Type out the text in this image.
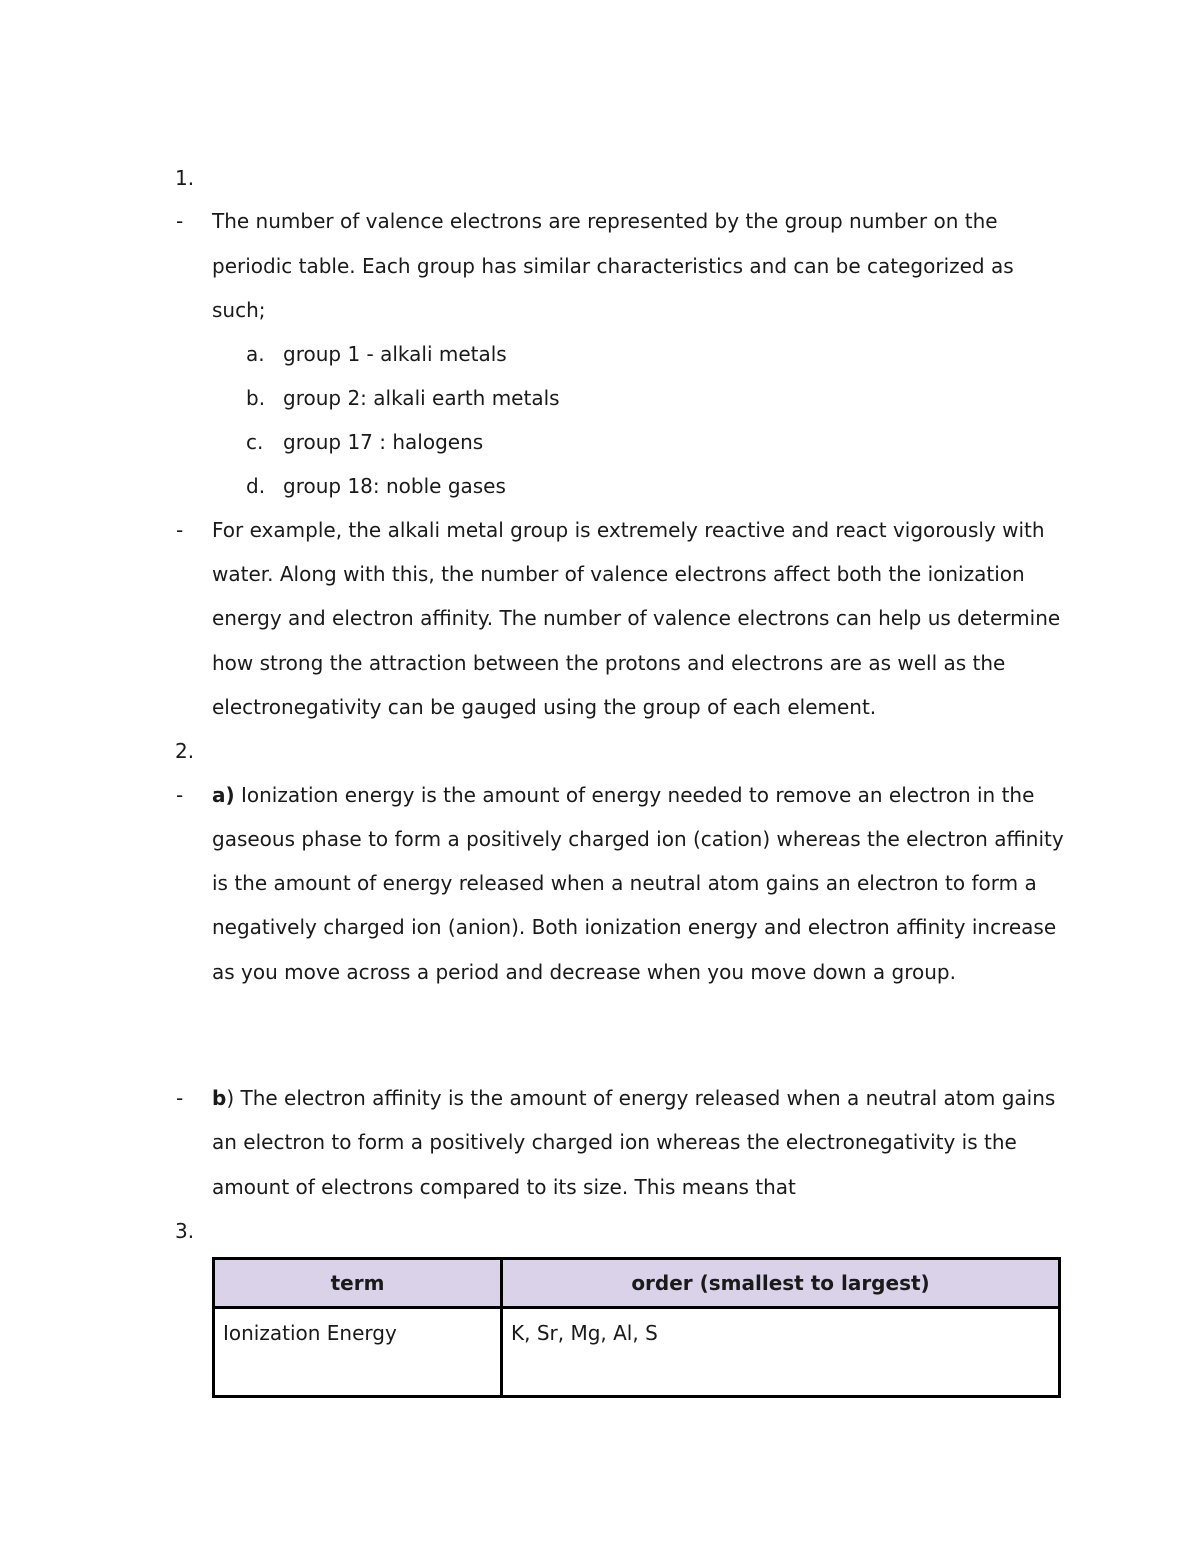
1.
- The number of valence electrons are represented by the group number on the
periodic table. Each group has similar characteristics and can be categorized as
such;
a. group 1 - alkali metals
b. group 2: alkali earth metals
c. group 17 : halogens
d. group 18: noble gases
- For example, the alkali metal group is extremely reactive and react vigorously with
water. Along with this, the number of valence electrons affect both the ionization
energy and electron affinity. The number of valence electrons can help us determine
how strong the attraction between the protons and electrons are as well as the
electronegativity can be gauged using the group of each element.
2.
- a) Ionization energy is the amount of energy needed to remove an electron in the
gaseous phase to form a positively charged ion (cation) whereas the electron affinity
is the amount of energy released when a neutral atom gains an electron to form a
negatively charged ion (anion). Both ionization energy and electron affinity increase
as you move across a period and decrease when you move down a group.
- b) The electron affinity is the amount of energy released when a neutral atom gains
an electron to form a positively charged ion whereas the electronegativity is the
amount of electrons compared to its size. This means that
3.
term	order (smallest to largest)
Ionization Energy	K, Sr, Mg, Al, S
